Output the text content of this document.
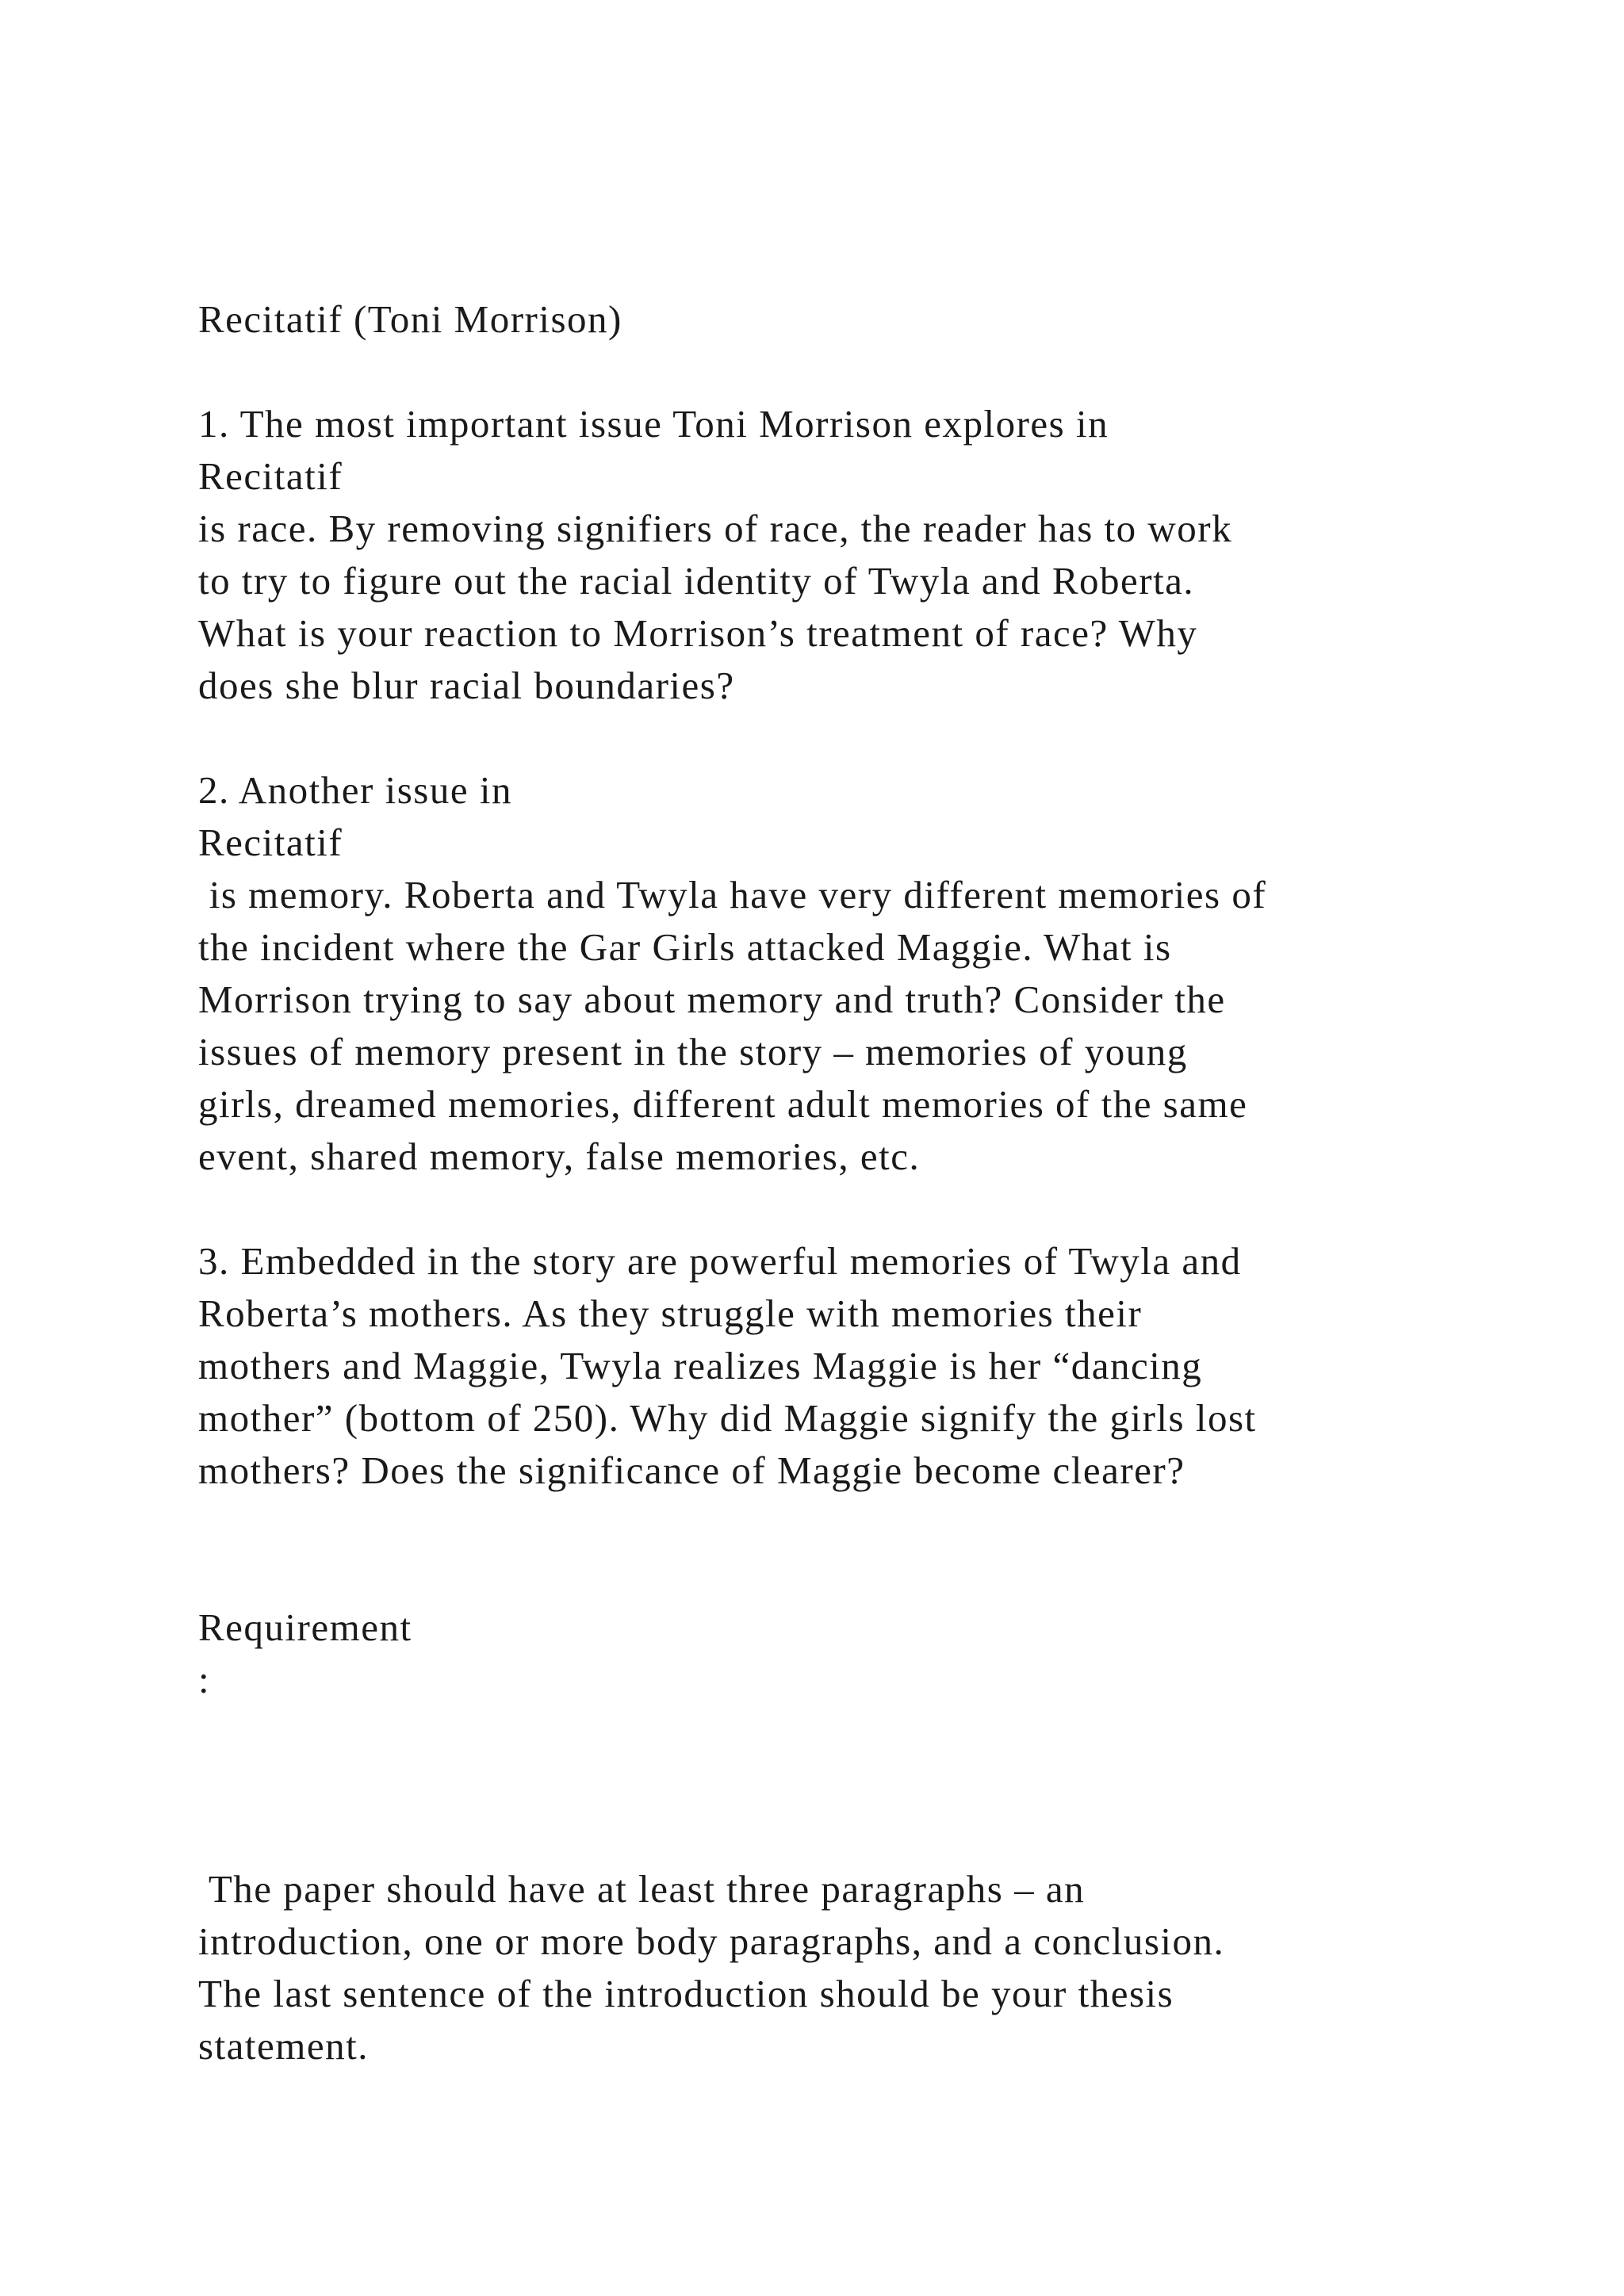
Recitatif (Toni Morrison)
1. The most important issue Toni Morrison explores in
Recitatif
is race. By removing signifiers of race, the reader has to work
to try to figure out the racial identity of Twyla and Roberta.
What is your reaction to Morrison’s treatment of race? Why
does she blur racial boundaries?
2. Another issue in
Recitatif
is memory. Roberta and Twyla have very different memories of
the incident where the Gar Girls attacked Maggie. What is
Morrison trying to say about memory and truth? Consider the
issues of memory present in the story – memories of young
girls, dreamed memories, different adult memories of the same
event, shared memory, false memories, etc.
3. Embedded in the story are powerful memories of Twyla and
Roberta’s mothers. As they struggle with memories their
mothers and Maggie, Twyla realizes Maggie is her “dancing
mother” (bottom of 250). Why did Maggie signify the girls lost
mothers? Does the significance of Maggie become clearer?
Requirement
:
The paper should have at least three paragraphs – an
introduction, one or more body paragraphs, and a conclusion.
The last sentence of the introduction should be your thesis
statement.
